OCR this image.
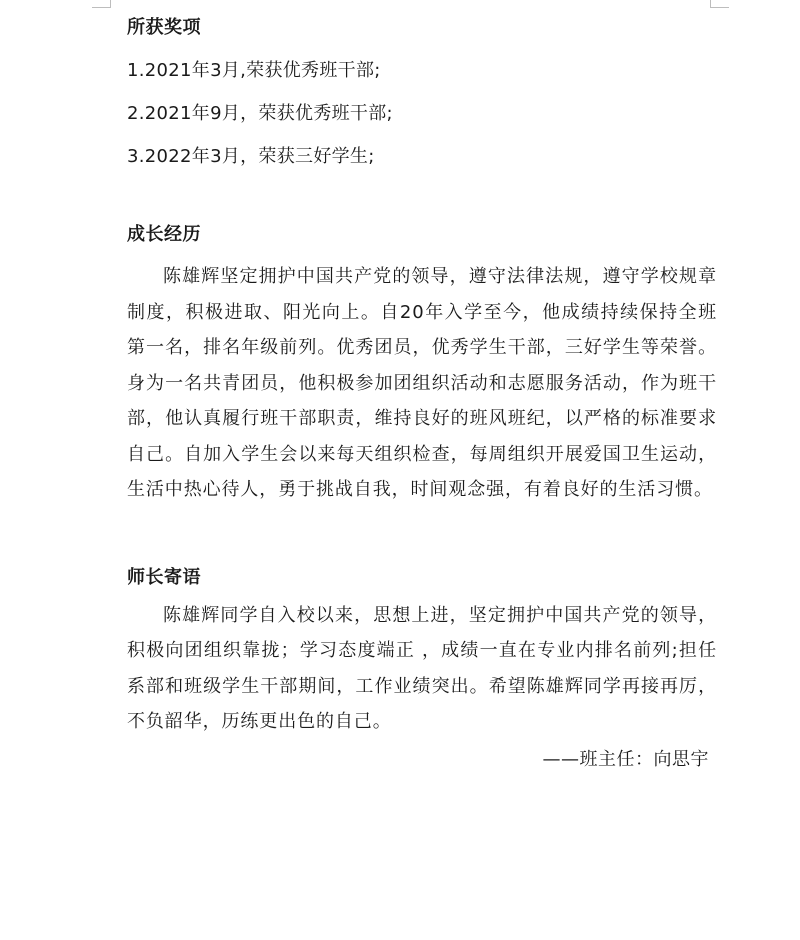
所获奖项
1.2021年3月,荣获优秀班干部;
2.2021年9月，荣获优秀班干部;
3.2022年3月，荣获三好学生;
成长经历

陈雄辉坚定拥护中国共产党的领导，遵守法律法规，遵守学校规章制度，积极进取、阳光向上。自20年入学至今，他成绩持续保持全班第一名，排名年级前列。优秀团员，优秀学生干部，三好学生等荣誉。身为一名共青团员，他积极参加团组织活动和志愿服务活动，作为班干部，他认真履行班干部职责，维持良好的班风班纪，以严格的标准要求自己。自加入学生会以来每天组织检查，每周组织开展爱国卫生运动，生活中热心待人，勇于挑战自我，时间观念强，有着良好的生活习惯。

师长寄语

陈雄辉同学自入校以来，思想上进，坚定拥护中国共产党的领导，积极向团组织靠拢；学习态度端正 ，成绩一直在专业内排名前列;担任系部和班级学生干部期间，工作业绩突出。希望陈雄辉同学再接再厉，不负韶华，历练更出色的自己。

——班主任：向思宇
